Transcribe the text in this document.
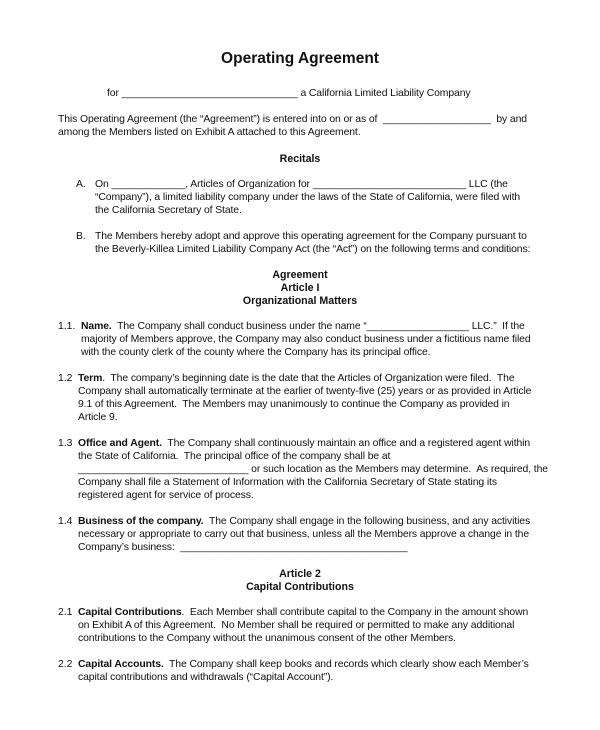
Operating Agreement
for _______________________________ a California Limited Liability Company
This Operating Agreement (the “Agreement”) is entered into on or as of  ___________________  by and
among the Members listed on Exhibit A attached to this Agreement.
Recitals
A. On _____________, Articles of Organization for ___________________________ LLC (the
“Company”), a limited liability company under the laws of the State of California, were filed with
the California Secretary of State.
B. The Members hereby adopt and approve this operating agreement for the Company pursuant to
the Beverly-Killea Limited Liability Company Act (the “Act”) on the following terms and conditions:
Agreement
Article I
Organizational Matters
1.1. Name.  The Company shall conduct business under the name “__________________ LLC.”  If the
majority of Members approve, the Company may also conduct business under a fictitious name filed
with the county clerk of the county where the Company has its principal office.
1.2 Term.  The company’s beginning date is the date that the Articles of Organization were filed.  The
Company shall automatically terminate at the earlier of twenty-five (25) years or as provided in Article
9.1 of this Agreement.  The Members may unanimously to continue the Company as provided in
Article 9.
1.3 Office and Agent.  The Company shall continuously maintain an office and a registered agent within
the State of California.  The principal office of the company shall be at
______________________________ or such location as the Members may determine.  As required, the
Company shall file a Statement of Information with the California Secretary of State stating its
registered agent for service of process.
1.4 Business of the company.  The Company shall engage in the following business, and any activities
necessary or appropriate to carry out that business, unless all the Members approve a change in the
Company’s business:  ________________________________________
Article 2
Capital Contributions
2.1 Capital Contributions.  Each Member shall contribute capital to the Company in the amount shown
on Exhibit A of this Agreement.  No Member shall be required or permitted to make any additional
contributions to the Company without the unanimous consent of the other Members.
2.2 Capital Accounts.  The Company shall keep books and records which clearly show each Member’s
capital contributions and withdrawals (“Capital Account”).
